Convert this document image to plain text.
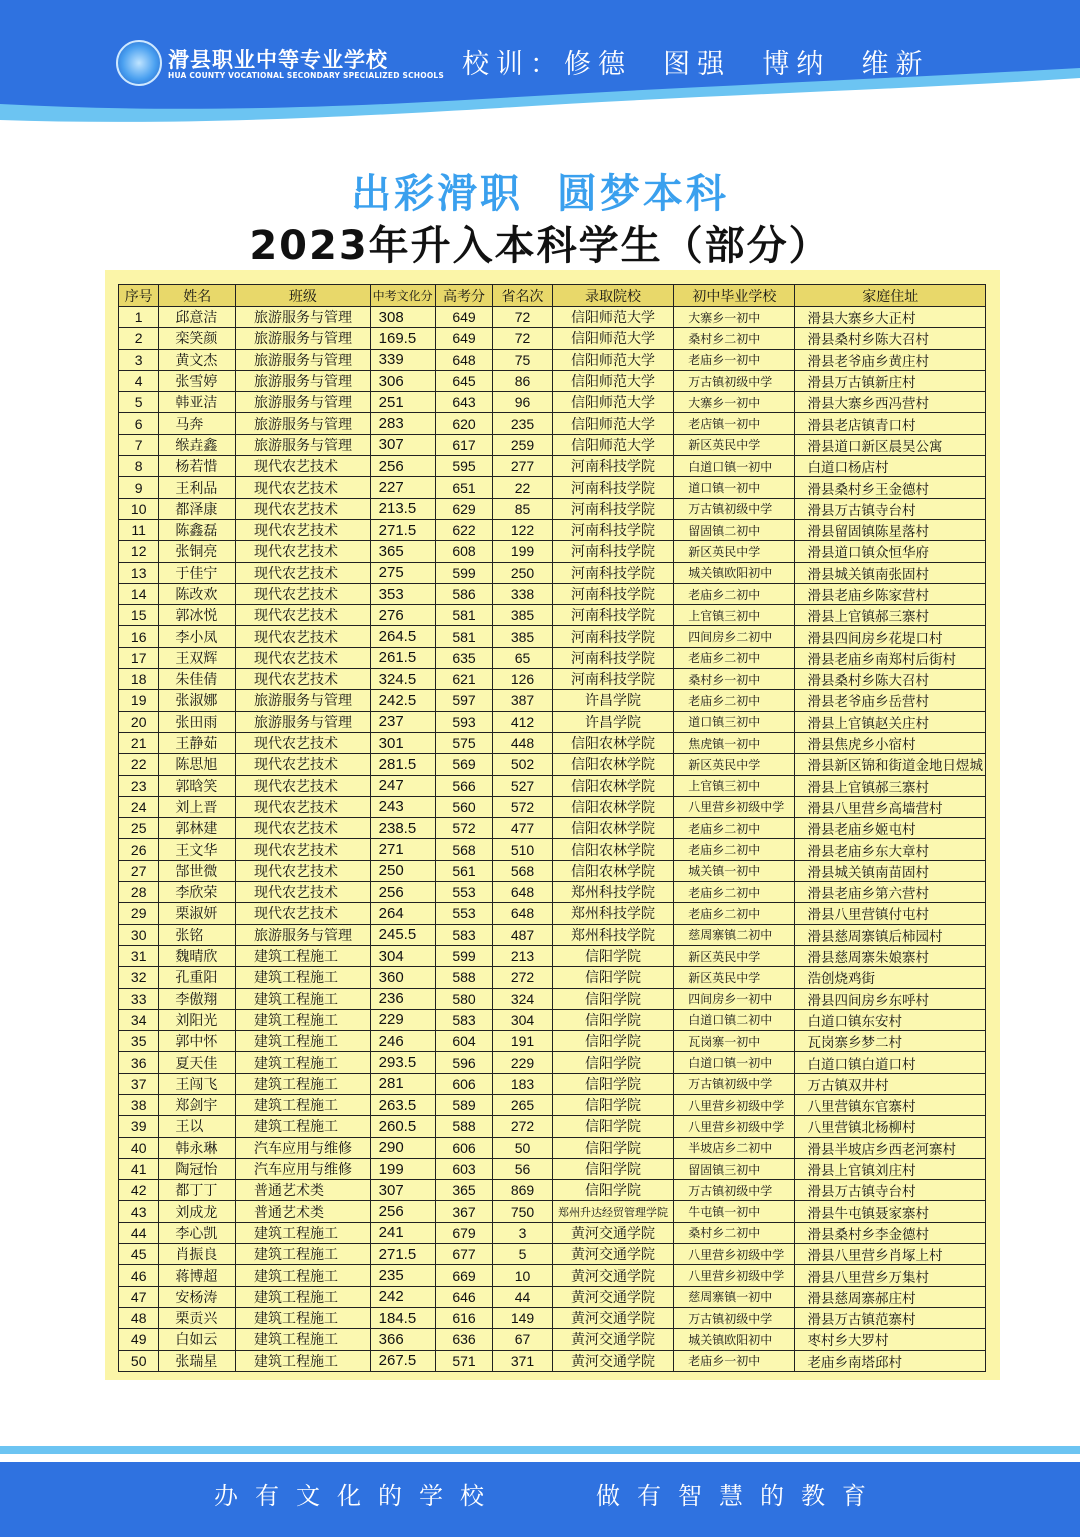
滑县职业中等专业学校
HUA COUNTY VOCATIONAL SECONDARY SPECIALIZED SCHOOLS 校训：修德  图强  博纳  维新
出彩滑职  圆梦本科
2023年升入本科学生（部分）
序号	姓名	班级	中考文化分	高考分	省名次	录取院校	初中毕业学校	家庭住址
1	邱意洁	旅游服务与管理	308	649	72	信阳师范大学	大寨乡一初中	滑县大寨乡大正村
2	栾笑颜	旅游服务与管理	169.5	649	72	信阳师范大学	桑村乡二初中	滑县桑村乡陈大召村
3	黄文杰	旅游服务与管理	339	648	75	信阳师范大学	老庙乡一初中	滑县老爷庙乡黄庄村
4	张雪婷	旅游服务与管理	306	645	86	信阳师范大学	万古镇初级中学	滑县万古镇新庄村
5	韩亚洁	旅游服务与管理	251	643	96	信阳师范大学	大寨乡一初中	滑县大寨乡西冯营村
6	马奔	旅游服务与管理	283	620	235	信阳师范大学	老店镇一初中	滑县老店镇青口村
7	缑垚鑫	旅游服务与管理	307	617	259	信阳师范大学	新区英民中学	滑县道口新区晨昊公寓
8	杨若惜	现代农艺技术	256	595	277	河南科技学院	白道口镇一初中	白道口杨店村
9	王利品	现代农艺技术	227	651	22	河南科技学院	道口镇一初中	滑县桑村乡王金德村
10	都泽康	现代农艺技术	213.5	629	85	河南科技学院	万古镇初级中学	滑县万古镇寺台村
11	陈鑫磊	现代农艺技术	271.5	622	122	河南科技学院	留固镇二初中	滑县留固镇陈星落村
12	张铜亮	现代农艺技术	365	608	199	河南科技学院	新区英民中学	滑县道口镇众恒华府
13	于佳宁	现代农艺技术	275	599	250	河南科技学院	城关镇欧阳初中	滑县城关镇南张固村
14	陈改欢	现代农艺技术	353	586	338	河南科技学院	老庙乡二初中	滑县老庙乡陈家营村
15	郭冰悦	现代农艺技术	276	581	385	河南科技学院	上官镇三初中	滑县上官镇郝三寨村
16	李小凤	现代农艺技术	264.5	581	385	河南科技学院	四间房乡二初中	滑县四间房乡花堤口村
17	王双辉	现代农艺技术	261.5	635	65	河南科技学院	老庙乡二初中	滑县老庙乡南郑村后街村
18	朱佳倩	现代农艺技术	324.5	621	126	河南科技学院	桑村乡一初中	滑县桑村乡陈大召村
19	张淑娜	旅游服务与管理	242.5	597	387	许昌学院	老庙乡二初中	滑县老爷庙乡岳营村
20	张田雨	旅游服务与管理	237	593	412	许昌学院	道口镇三初中	滑县上官镇赵关庄村
21	王静茹	现代农艺技术	301	575	448	信阳农林学院	焦虎镇一初中	滑县焦虎乡小宿村
22	陈思旭	现代农艺技术	281.5	569	502	信阳农林学院	新区英民中学	滑县新区锦和街道金地日煜城
23	郭晗笑	现代农艺技术	247	566	527	信阳农林学院	上官镇三初中	滑县上官镇郝三寨村
24	刘上晋	现代农艺技术	243	560	572	信阳农林学院	八里营乡初级中学	滑县八里营乡高墙营村
25	郭林建	现代农艺技术	238.5	572	477	信阳农林学院	老庙乡二初中	滑县老庙乡姬屯村
26	王文华	现代农艺技术	271	568	510	信阳农林学院	老庙乡二初中	滑县老庙乡东大章村
27	郜世微	现代农艺技术	250	561	568	信阳农林学院	城关镇一初中	滑县城关镇南苗固村
28	李欣荣	现代农艺技术	256	553	648	郑州科技学院	老庙乡二初中	滑县老庙乡第六营村
29	栗淑妍	现代农艺技术	264	553	648	郑州科技学院	老庙乡二初中	滑县八里营镇付屯村
30	张铭	旅游服务与管理	245.5	583	487	郑州科技学院	慈周寨镇二初中	滑县慈周寨镇后柿园村
31	魏晴欣	建筑工程施工	304	599	213	信阳学院	新区英民中学	滑县慈周寨朱娘寨村
32	孔重阳	建筑工程施工	360	588	272	信阳学院	新区英民中学	浩创烧鸡街
33	李傲翔	建筑工程施工	236	580	324	信阳学院	四间房乡一初中	滑县四间房乡东呼村
34	刘阳光	建筑工程施工	229	583	304	信阳学院	白道口镇二初中	白道口镇东安村
35	郭中怀	建筑工程施工	246	604	191	信阳学院	瓦岗寨一初中	瓦岗寨乡梦二村
36	夏天佳	建筑工程施工	293.5	596	229	信阳学院	白道口镇一初中	白道口镇白道口村
37	王闯飞	建筑工程施工	281	606	183	信阳学院	万古镇初级中学	万古镇双井村
38	郑剑宇	建筑工程施工	263.5	589	265	信阳学院	八里营乡初级中学	八里营镇东官寨村
39	王以	建筑工程施工	260.5	588	272	信阳学院	八里营乡初级中学	八里营镇北杨柳村
40	韩永琳	汽车应用与维修	290	606	50	信阳学院	半坡店乡二初中	滑县半坡店乡西老河寨村
41	陶冠怡	汽车应用与维修	199	603	56	信阳学院	留固镇三初中	滑县上官镇刘庄村
42	都丁丁	普通艺术类	307	365	869	信阳学院	万古镇初级中学	滑县万古镇寺台村
43	刘成龙	普通艺术类	256	367	750	郑州升达经贸管理学院	牛屯镇一初中	滑县牛屯镇聂家寨村
44	李心凯	建筑工程施工	241	679	3	黄河交通学院	桑村乡二初中	滑县桑村乡李金德村
45	肖振良	建筑工程施工	271.5	677	5	黄河交通学院	八里营乡初级中学	滑县八里营乡肖塚上村
46	蒋博超	建筑工程施工	235	669	10	黄河交通学院	八里营乡初级中学	滑县八里营乡万集村
47	安杨涛	建筑工程施工	242	646	44	黄河交通学院	慈周寨镇一初中	滑县慈周寨郝庄村
48	栗贡兴	建筑工程施工	184.5	616	149	黄河交通学院	万古镇初级中学	滑县万古镇范寨村
49	白如云	建筑工程施工	366	636	67	黄河交通学院	城关镇欧阳初中	枣村乡大罗村
50	张瑞星	建筑工程施工	267.5	571	371	黄河交通学院	老庙乡一初中	老庙乡南塔邱村
办有文化的学校	做有智慧的教育
